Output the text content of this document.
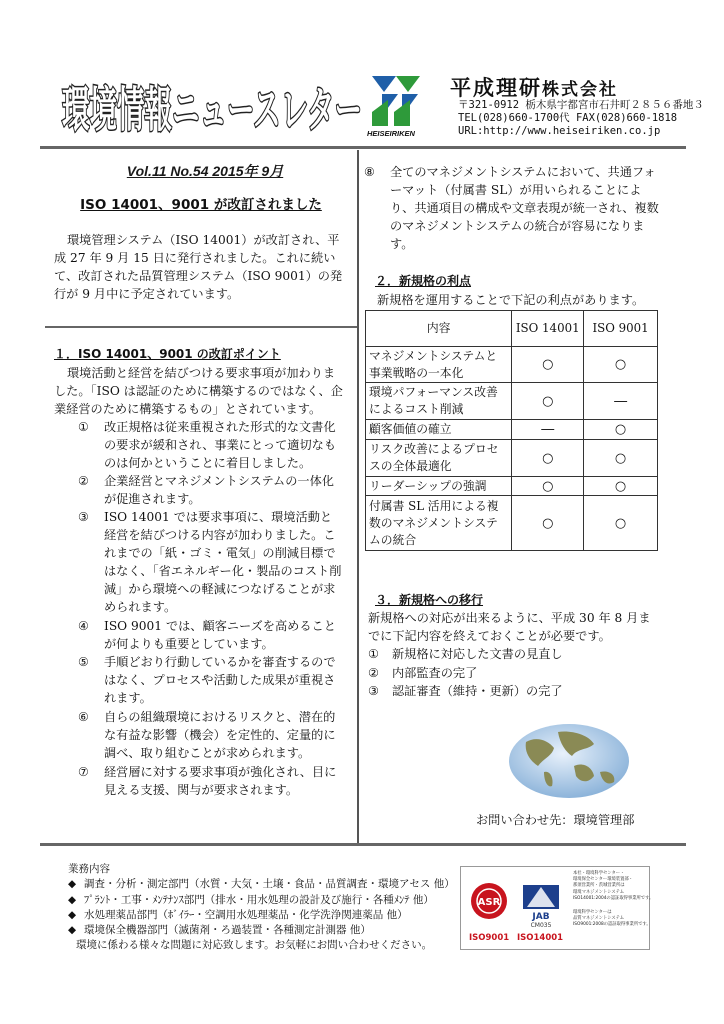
環境情報ニュースレター HEISEIRIKEN
平成理研株式会社
〒321-0912 栃木県宇都宮市石井町２８５６番地３
TEL(028)660-1700代 FAX(028)660-1818
URL:http://www.heiseiriken.co.jp
Vol.11 No.54 2015年 9月
ISO 14001、9001 が改訂されました
環境管理システム（ISO 14001）が改訂され、平成 27 年 9 月 15 日に発行されました。これに続いて、改訂された品質管理システム（ISO 9001）の発行が 9 月中に予定されています。
１．ISO 14001、9001 の改訂ポイント
環境活動と経営を結びつける要求事項が加わりました。｢ISO は認証のために構築するのではなく、企業経営のために構築するもの」とされています。
① 改正規格は従来重視された形式的な文書化の要求が緩和され、事業にとって適切なものは何かということに着目しました。
② 企業経営とマネジメントシステムの一体化が促進されます。
③ ISO 14001 では要求事項に、環境活動と経営を結びつける内容が加わりました。これまでの「紙・ゴミ・電気」の削減目標ではなく、｢省エネルギー化・製品のコスト削減」から環境への軽減につなげることが求められます。
④ ISO 9001 では、顧客ニーズを高めることが何よりも重要としています。
⑤ 手順どおり行動しているかを審査するのではなく、プロセスや活動した成果が重視されます。
⑥ 自らの組織環境におけるリスクと、潜在的な有益な影響（機会）を定性的、定量的に調べ、取り組むことが求められます。
⑦ 経営層に対する要求事項が強化され、目に見える支援、関与が要求されます。
⑧ 全てのマネジメントシステムにおいて、共通フォーマット（付属書 SL）が用いられることにより、共通項目の構成や文章表現が統一され、複数のマネジメントシステムの統合が容易になります。
２．新規格の利点
新規格を運用することで下記の利点があります。
内容	ISO 14001	ISO 9001
マネジメントシステムと事業戦略の一本化	○	○
環境パフォーマンス改善によるコスト削減	○	―
顧客価値の確立	―	○
リスク改善によるプロセスの全体最適化	○	○
リーダーシップの強調	○	○
付属書 SL 活用による複数のマネジメントシステムの統合	○	○
３．新規格への移行
新規格への対応が出来るように、平成 30 年 8 月までに下記内容を終えておくことが必要です。
① 新規格に対応した文書の見直し
② 内部監査の完了
③ 認証審査（維持・更新）の完了
お問い合わせ先：環境管理部
業務内容
◆ 調査・分析・測定部門（水質・大気・土壌・食品・品質調査・環境アセス 他）
◆ ﾌﾟﾗﾝﾄ・工事・ﾒﾝﾃﾅﾝｽ部門（排水・用水処理の設計及び施行・各種ﾒﾝﾃ 他）
◆ 水処理薬品部門（ﾎﾞｲﾗｰ・空調用水処理薬品・化学洗浄関連薬品 他）
◆ 環境保全機器部門（滅菌剤・ろ過装置・各種測定計測器 他）
環境に係わる様々な問題に対応致します。お気軽にお問い合わせください。
ASR
JAB
CM035
ISO9001 ISO14001
本社・環境科学センター・
環境保全センター環境装置部・
那須営業所・茨城営業所は
環境マネジメントシステム
ISO14001:2004の認証取得事業所です。
環境科学センターは
品質マネジメントシステム
ISO9001:2008の認証取得事業所です。
